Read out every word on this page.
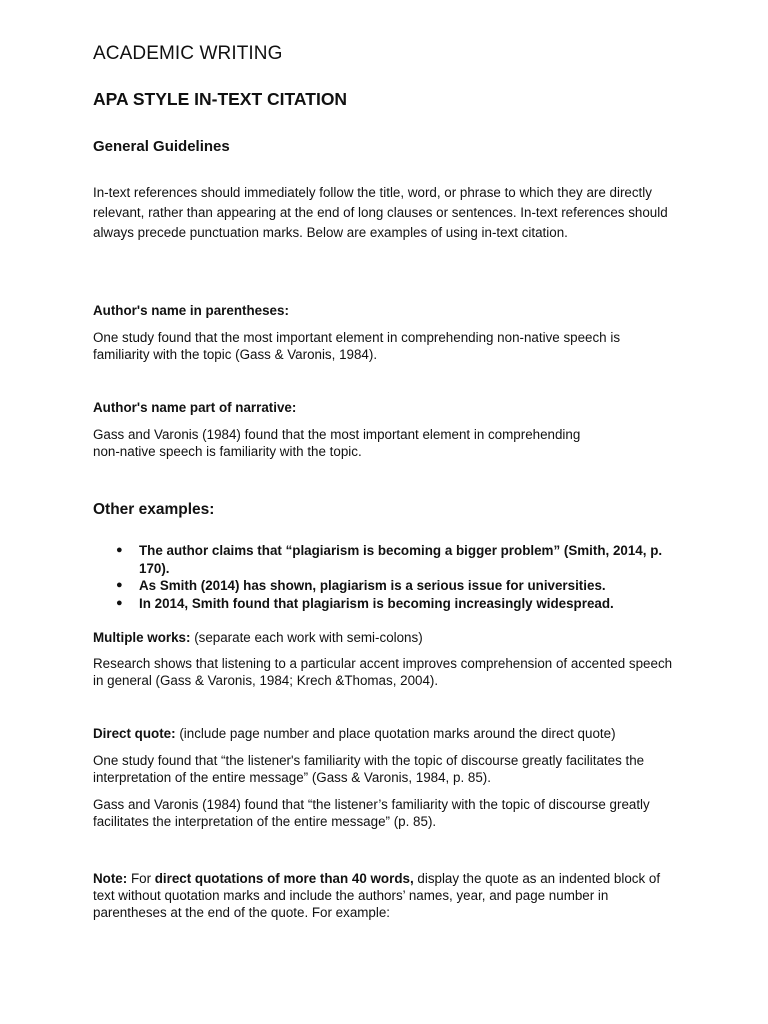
ACADEMIC WRITING
APA STYLE IN-TEXT CITATION
General Guidelines

In-text references should immediately follow the title, word, or phrase to which they are directly relevant, rather than appearing at the end of long clauses or sentences. In-text references should always precede punctuation marks. Below are examples of using in-text citation.

Author's name in parentheses:

One study found that the most important element in comprehending non-native speech is familiarity with the topic (Gass & Varonis, 1984).

Author's name part of narrative:
Gass and Varonis (1984) found that the most important element in comprehending
non-native speech is familiarity with the topic.
Other examples:
● The author claims that “plagiarism is becoming a bigger problem” (Smith, 2014, p. 170).
● As Smith (2014) has shown, plagiarism is a serious issue for universities.
● In 2014, Smith found that plagiarism is becoming increasingly widespread.
Multiple works: (separate each work with semi-colons)

Research shows that listening to a particular accent improves comprehension of accented speech in general (Gass & Varonis, 1984; Krech &Thomas, 2004).

Direct quote: (include page number and place quotation marks around the direct quote)

One study found that “the listener's familiarity with the topic of discourse greatly facilitates the interpretation of the entire message” (Gass & Varonis, 1984, p. 85).

Gass and Varonis (1984) found that “the listener’s familiarity with the topic of discourse greatly facilitates the interpretation of the entire message” (p. 85).

Note: For direct quotations of more than 40 words, display the quote as an indented block of text without quotation marks and include the authors’ names, year, and page number in parentheses at the end of the quote. For example:
